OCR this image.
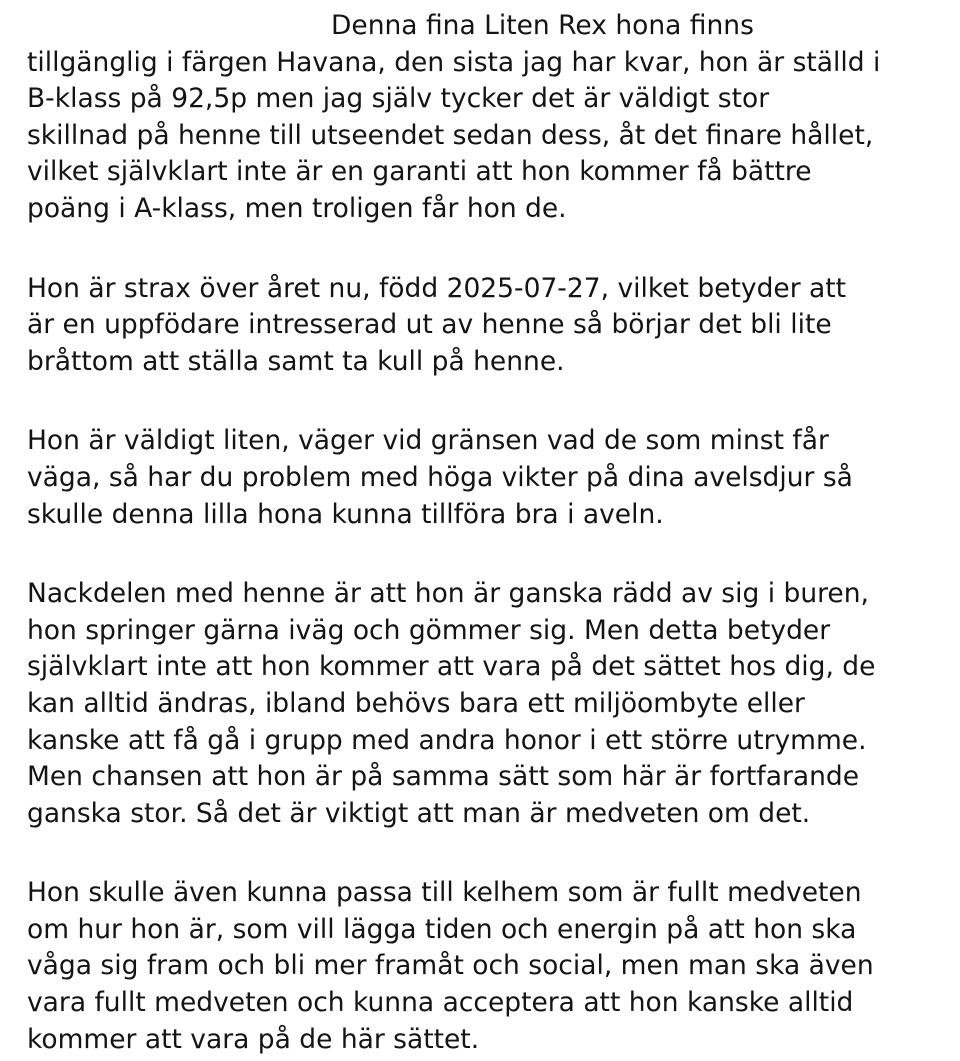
Denna fina Liten Rex hona finns
tillgänglig i färgen Havana, den sista jag har kvar, hon är ställd i
B-klass på 92,5p men jag själv tycker det är väldigt stor
skillnad på henne till utseendet sedan dess, åt det finare hållet,
vilket självklart inte är en garanti att hon kommer få bättre
poäng i A-klass, men troligen får hon de.
Hon är strax över året nu, född 2025-07-27, vilket betyder att
är en uppfödare intresserad ut av henne så börjar det bli lite
bråttom att ställa samt ta kull på henne.
Hon är väldigt liten, väger vid gränsen vad de som minst får
väga, så har du problem med höga vikter på dina avelsdjur så
skulle denna lilla hona kunna tillföra bra i aveln.
Nackdelen med henne är att hon är ganska rädd av sig i buren,
hon springer gärna iväg och gömmer sig. Men detta betyder
självklart inte att hon kommer att vara på det sättet hos dig, de
kan alltid ändras, ibland behövs bara ett miljöombyte eller
kanske att få gå i grupp med andra honor i ett större utrymme.
Men chansen att hon är på samma sätt som här är fortfarande
ganska stor. Så det är viktigt att man är medveten om det.
Hon skulle även kunna passa till kelhem som är fullt medveten
om hur hon är, som vill lägga tiden och energin på att hon ska
våga sig fram och bli mer framåt och social, men man ska även
vara fullt medveten och kunna acceptera att hon kanske alltid
kommer att vara på de här sättet.
